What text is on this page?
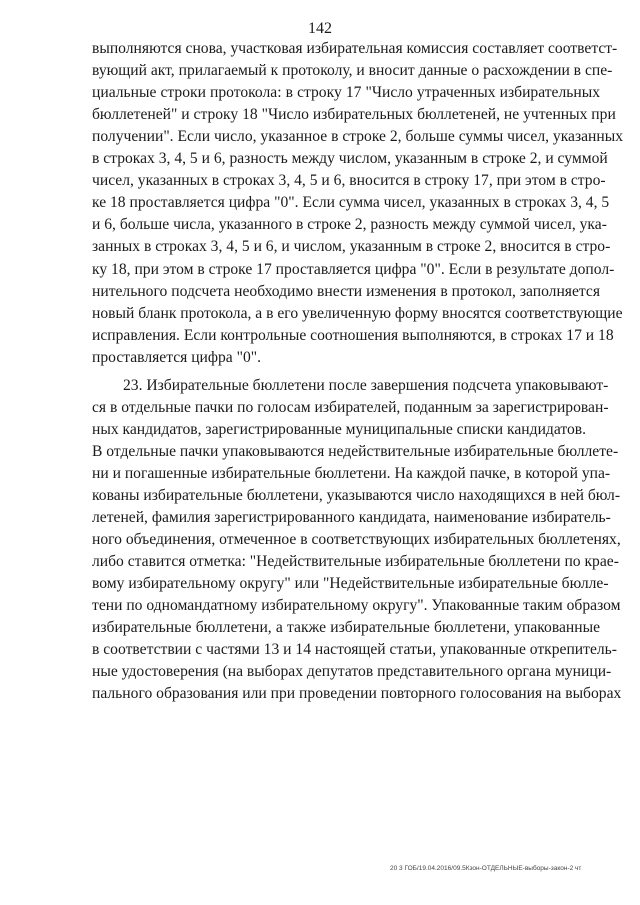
142
выполняются снова, участковая избирательная комиссия составляет соответст-
вующий акт, прилагаемый к протоколу, и вносит данные о расхождении в спе-
циальные строки протокола: в строку 17 "Число утраченных избирательных
бюллетеней" и строку 18 "Число избирательных бюллетеней, не учтенных при
получении". Если число, указанное в строке 2, больше суммы чисел, указанных
в строках 3, 4, 5 и 6, разность между числом, указанным в строке 2, и суммой
чисел, указанных в строках 3, 4, 5 и 6, вносится в строку 17, при этом в стро-
ке 18 проставляется цифра "0". Если сумма чисел, указанных в строках 3, 4, 5
и 6, больше числа, указанного в строке 2, разность между суммой чисел, ука-
занных в строках 3, 4, 5 и 6, и числом, указанным в строке 2, вносится в стро-
ку 18, при этом в строке 17 проставляется цифра "0". Если в результате допол-
нительного подсчета необходимо внести изменения в протокол, заполняется
новый бланк протокола, а в его увеличенную форму вносятся соответствующие
исправления. Если контрольные соотношения выполняются, в строках 17 и 18
проставляется цифра "0".
23. Избирательные бюллетени после завершения подсчета упаковывают-
ся в отдельные пачки по голосам избирателей, поданным за зарегистрирован-
ных кандидатов, зарегистрированные муниципальные списки кандидатов.
В отдельные пачки упаковываются недействительные избирательные бюллете-
ни и погашенные избирательные бюллетени. На каждой пачке, в которой упа-
кованы избирательные бюллетени, указываются число находящихся в ней бюл-
летеней, фамилия зарегистрированного кандидата, наименование избиратель-
ного объединения, отмеченное в соответствующих избирательных бюллетенях,
либо ставится отметка: "Недействительные избирательные бюллетени по крае-
вому избирательному округу" или "Недействительные избирательные бюлле-
тени по одномандатному избирательному округу". Упакованные таким образом
избирательные бюллетени, а также избирательные бюллетени, упакованные
в соответствии с частями 13 и 14 настоящей статьи, упакованные открепитель-
ные удостоверения (на выборах депутатов представительного органа муници-
пального образования или при проведении повторного голосования на выборах
20 3 ГОБ/19.04.2016/09.5Кзон-ОТДЕЛЬНЫЕ-выборы-закон-2 чт
